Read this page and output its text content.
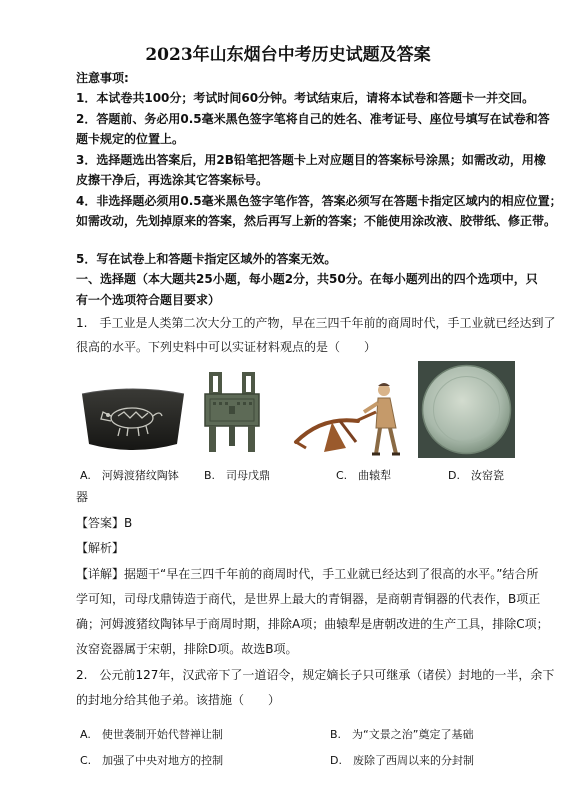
2023年山东烟台中考历史试题及答案
注意事项:
1．本试卷共100分；考试时间60分钟。考试结束后，请将本试卷和答题卡一并交回。
2．答题前、务必用0.5毫米黑色签字笔将自己的姓名、准考证号、座位号填写在试卷和答
题卡规定的位置上。
3．选择题选出答案后，用2B铅笔把答题卡上对应题目的答案标号涂黑；如需改动，用橡
皮擦干净后，再选涂其它答案标号。
4．非选择题必须用0.5毫米黑色签字笔作答，答案必须写在答题卡指定区域内的相应位置；
如需改动，先划掉原来的答案，然后再写上新的答案；不能使用涂改液、胶带纸、修正带。
5．写在试卷上和答题卡指定区域外的答案无效。
一、选择题（本大题共25小题，每小题2分，共50分。在每小题列出的四个选项中，只
有一个选项符合题目要求）
1.　手工业是人类第二次大分工的产物，早在三四千年前的商周时代，手工业就已经达到了
很高的水平。下列史料中可以实证材料观点的是（　　）
A.　河姆渡猪纹陶钵 B.　司母戊鼎	C.　曲辕犁	D.　汝窑瓷
器
【答案】B
【解析】
【详解】据题干“早在三四千年前的商周时代，手工业就已经达到了很高的水平。”结合所
学可知，司母戊鼎铸造于商代，是世界上最大的青铜器，是商朝青铜器的代表作，B项正
确；河姆渡猪纹陶钵早于商周时期，排除A项；曲辕犁是唐朝改进的生产工具，排除C项；
汝窑瓷器属于宋朝，排除D项。故选B项。
2.　公元前127年，汉武帝下了一道诏令，规定嫡长子只可继承（诸侯）封地的一半，余下
的封地分给其他子弟。该措施（　　）
A.　使世袭制开始代替禅让制	B.　为“文景之治”奠定了基础
C.　加强了中央对地方的控制	D.　废除了西周以来的分封制
